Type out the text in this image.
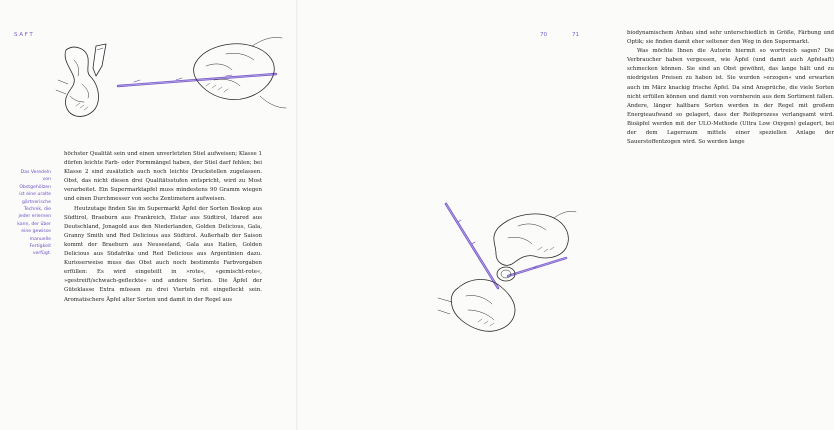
SAFT
Das Veredeln von Obstgehölzen ist eine uralte gärtnerische Technik, die jeder erlernen kann, der über eine gewisse manuelle Fertigkeit verfügt.

höchster Qualität sein und einen unverletzten Stiel aufweisen; Klasse 1 dürfen leichte Farb- oder Formmängel haben, der Stiel darf fehlen; bei Klasse 2 sind zusätzlich auch noch leichte Druckstellen zugelassen. Obst, das nicht diesen drei Qualitätsstufen entspricht, wird zu Most verarbeitet. Ein Supermarktapfel muss mindestens 90 Gramm wiegen und einen Durchmesser von sechs Zentimetern aufweisen.

Heutzutage finden Sie im Supermarkt Äpfel der Sorten Boskop aus Südtirol, Braeburn aus Frankreich, Elstar aus Südtirol, Idared aus Deutschland, Jonagold aus den Niederlanden, Golden Delicious, Gala, Granny Smith und Red Delicious aus Südtirol. Außerhalb der Saison kommt der Braeburn aus Neuseeland, Gala aus Italien, Golden Delicious aus Südafrika und Red Delicious aus Argentinien dazu. Kurioserweise muss das Obst auch noch bestimmte Farbvorgaben erfüllen: Es wird eingeteilt in »rote«, »gemischt-rote«, »gestreift/schwach-gefleckte« und andere Sorten. Die Äpfel der Güteklasse Extra müssen zu drei Vierteln rot eingefleckt sein. Aromatischere Äpfel alter Sorten und damit in der Regel aus

biodynamischem Anbau sind sehr unterschiedlich in Größe, Färbung und Optik; sie finden damit eher seltener den Weg in den Supermarkt.

Was möchte Ihnen die Autorin hiermit so wortreich sagen? Die Verbraucher haben vergessen, wie Äpfel (und damit auch Apfelsaft) schmecken können. Sie sind an Obst gewöhnt, das lange hält und zu niedrigsten Preisen zu haben ist. Sie wurden »erzogen« und erwarten auch im März knackig frische Äpfel. Da sind Ansprüche, die viele Sorten nicht erfüllen können und damit von vornherein aus dem Sortiment fallen. Andere, länger haltbare Sorten werden in der Regel mit großem Energieaufwand so gelagert, dass der Reifeprozess verlangsamt wird. Bioäpfel werden mit der ULO-Methode (Ultra Low Oxygen) gelagert, bei der dem Lagerraum mittels einer speziellen Anlage der Sauerstoffentzogen wird. So werden lange

70	71
